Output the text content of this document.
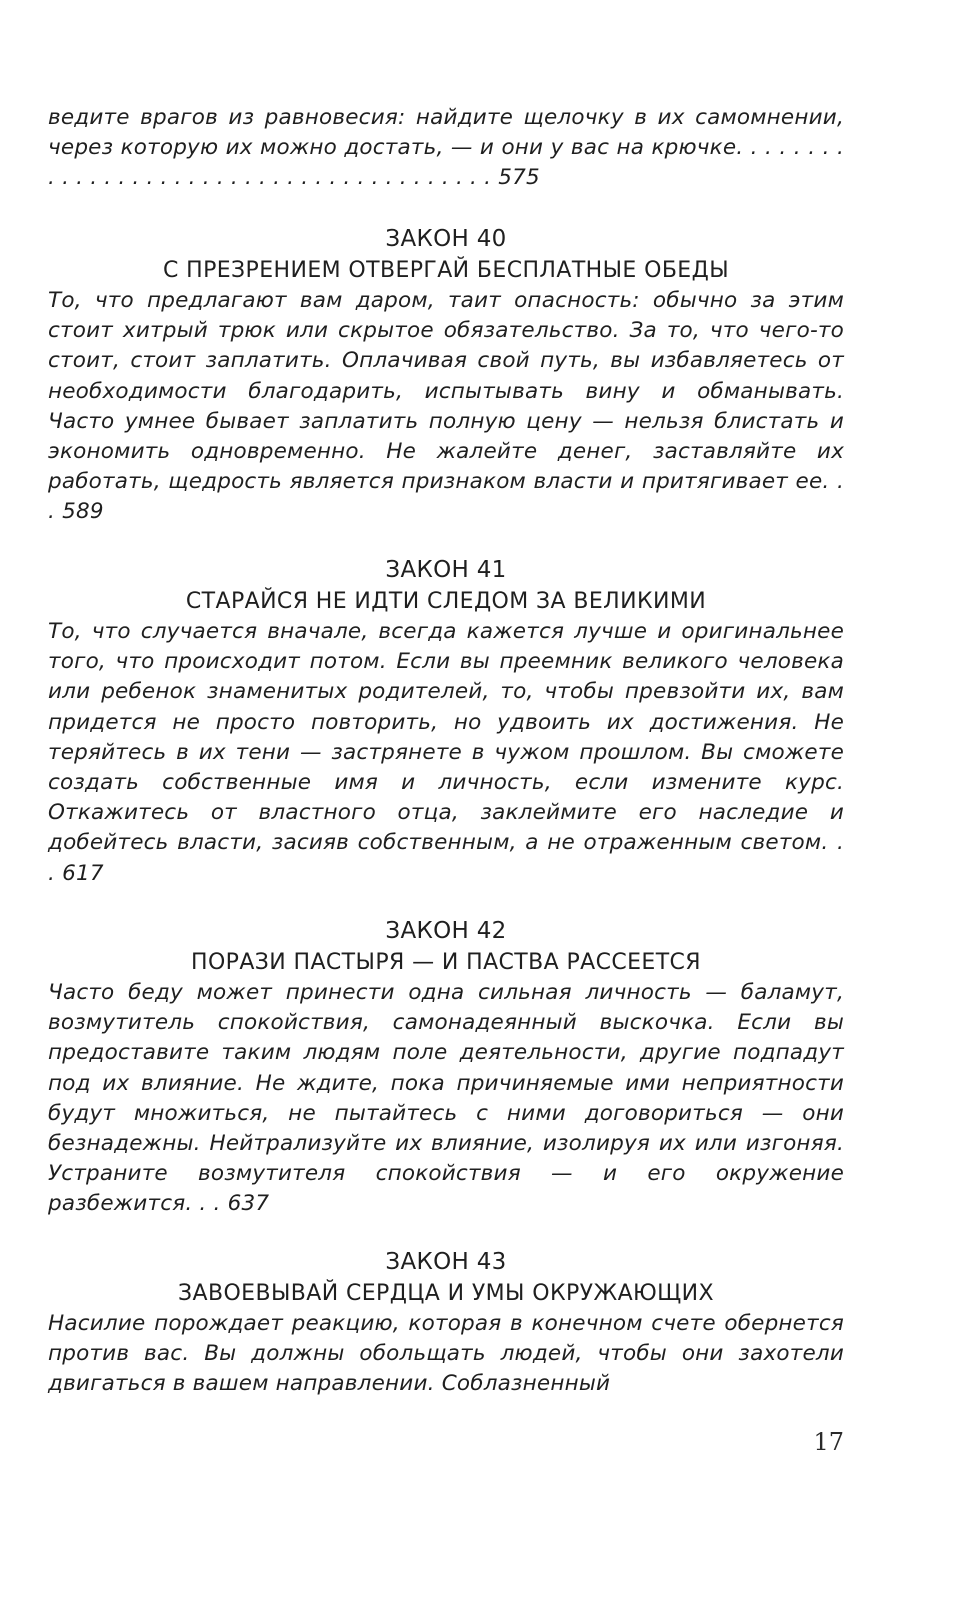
ведите врагов из равновесия: найдите щелочку в их самомнении, через которую их можно достать, — и они у вас на крючке. . . . . . . . . . . . . . . . . . . . . . . . . . . . . . . . . . . . . . . . 575
ЗАКОН 40
С ПРЕЗРЕНИЕМ ОТВЕРГАЙ БЕСПЛАТНЫЕ ОБЕДЫ
То, что предлагают вам даром, таит опасность: обычно за этим стоит хитрый трюк или скрытое обязательство. За то, что чего-то стоит, стоит заплатить. Оплачивая свой путь, вы избавляетесь от необходимости благодарить, испытывать вину и обманывать. Часто умнее бывает заплатить полную цену — нельзя блистать и экономить одновременно. Не жалейте денег, заставляйте их работать, щедрость является признаком власти и притягивает ее. . . 589
ЗАКОН 41
СТАРАЙСЯ НЕ ИДТИ СЛЕДОМ ЗА ВЕЛИКИМИ
То, что случается вначале, всегда кажется лучше и оригинальнее того, что происходит потом. Если вы преемник великого человека или ребенок знаменитых родителей, то, чтобы превзойти их, вам придется не просто повторить, но удвоить их достижения. Не теряйтесь в их тени — застрянете в чужом прошлом. Вы сможете создать собственные имя и личность, если измените курс. Откажитесь от властного отца, заклеймите его наследие и добейтесь власти, засияв собственным, а не отраженным светом. . . 617
ЗАКОН 42
ПОРАЗИ ПАСТЫРЯ — И ПАСТВА РАССЕЕТСЯ
Часто беду может принести одна сильная личность — баламут, возмутитель спокойствия, самонадеянный выскочка. Если вы предоставите таким людям поле деятельности, другие подпадут под их влияние. Не ждите, пока причиняемые ими неприятности будут множиться, не пытайтесь с ними договориться — они безнадежны. Нейтрализуйте их влияние, изолируя их или изгоняя. Устраните возмутителя спокойствия — и его окружение разбежится. . . 637
ЗАКОН 43
ЗАВОЕВЫВАЙ СЕРДЦА И УМЫ ОКРУЖАЮЩИХ
Насилие порождает реакцию, которая в конечном счете обернется против вас. Вы должны обольщать людей, чтобы они захотели двигаться в вашем направлении. Соблазненный
17
